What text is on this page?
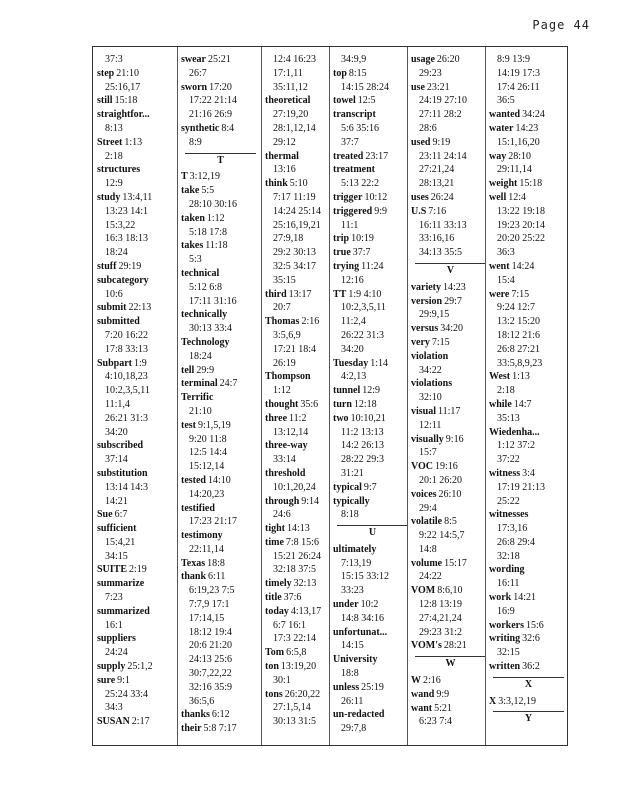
Page 44
37:3
step 21:10
25:16,17
still 15:18
straightfor...
8:13
Street 1:13
2:18
structures
12:9
study 13:4,11
13:23 14:1
15:3,22
16:3 18:13
18:24
stuff 29:19
subcategory
10:6
submit 22:13
submitted
7:20 16:22
17:8 33:13
Subpart 1:9
4:10,18,23
10:2,3,5,11
11:1,4
26:21 31:3
34:20
subscribed
37:14
substitution
13:14 14:3
14:21
Sue 6:7
sufficient
15:4,21
34:15
SUITE 2:19
summarize
7:23
summarized
16:1
suppliers
24:24
supply 25:1,2
sure 9:1
25:24 33:4
34:3
SUSAN 2:17
swear 25:21
26:7
sworn 17:20
17:22 21:14
21:16 26:9
synthetic 8:4
8:9
T
T 3:12,19
take 5:5
28:10 30:16
taken 1:12
5:18 17:8
takes 11:18
5:3
technical
5:12 6:8
17:11 31:16
technically
30:13 33:4
Technology
18:24
tell 29:9
terminal 24:7
Terrific
21:10
test 9:1,5,19
9:20 11:8
12:5 14:4
15:12,14
tested 14:10
14:20,23
testified
17:23 21:17
testimony
22:11,14
Texas 18:8
thank 6:11
6:19,23 7:5
7:7,9 17:1
17:14,15
18:12 19:4
20:6 21:20
24:13 25:6
30:7,22,22
32:16 35:9
36:5,6
thanks 6:12
their 5:8 7:17
12:4 16:23
17:1,11
35:11,12
theoretical
27:19,20
28:1,12,14
29:12
thermal
13:16
think 5:10
7:17 11:19
14:24 25:14
25:16,19,21
27:9,18
29:2 30:13
32:5 34:17
35:15
third 13:17
20:7
Thomas 2:16
3:5,6,9
17:21 18:4
26:19
Thompson
1:12
thought 35:6
three 11:2
13:12,14
three-way
33:14
threshold
10:1,20,24
through 9:14
24:6
tight 14:13
time 7:8 15:6
15:21 26:24
32:18 37:5
timely 32:13
title 37:6
today 4:13,17
6:7 16:1
17:3 22:14
Tom 6:5,8
ton 13:19,20
30:1
tons 26:20,22
27:1,5,14
30:13 31:5
34:9,9
top 8:15
14:15 28:24
towel 12:5
transcript
5:6 35:16
37:7
treated 23:17
treatment
5:13 22:2
trigger 10:12
triggered 9:9
11:1
trip 10:19
true 37:7
trying 11:24
12:16
TT 1:9 4:10
10:2,3,5,11
11:2,4
26:22 31:3
34:20
Tuesday 1:14
4:2,13
tunnel 12:9
turn 12:18
two 10:10,21
11:2 13:13
14:2 26:13
28:22 29:3
31:21
typical 9:7
typically
8:18
U
ultimately
7:13,19
15:15 33:12
33:23
under 10:2
14:8 34:16
unfortunat...
14:15
University
18:8
unless 25:19
26:11
un-redacted
29:7,8
usage 26:20
29:23
use 23:21
24:19 27:10
27:11 28:2
28:6
used 9:19
23:11 24:14
27:21,24
28:13,21
uses 26:24
U.S 7:16
16:11 33:13
33:16,16
34:13 35:5
V
variety 14:23
version 29:7
29:9,15
versus 34:20
very 7:15
violation
34:22
violations
32:10
visual 11:17
12:11
visually 9:16
15:7
VOC 19:16
20:1 26:20
voices 26:10
29:4
volatile 8:5
9:22 14:5,7
14:8
volume 15:17
24:22
VOM 8:6,10
12:8 13:19
27:4,21,24
29:23 31:2
VOM's 28:21
W
W 2:16
wand 9:9
want 5:21
6:23 7:4
8:9 13:9
14:19 17:3
17:4 26:11
36:5
wanted 34:24
water 14:23
15:1,16,20
way 28:10
29:11,14
weight 15:18
well 12:4
13:22 19:18
19:23 20:14
20:20 25:22
36:3
went 14:24
15:4
were 7:15
9:24 12:7
13:2 15:20
18:12 21:6
26:8 27:21
33:5,8,9,23
West 1:13
2:18
while 14:7
35:13
Wiedenha...
1:12 37:2
37:22
witness 3:4
17:19 21:13
25:22
witnesses
17:3,16
26:8 29:4
32:18
wording
16:11
work 14:21
16:9
workers 15:6
writing 32:6
32:15
written 36:2
X
X 3:3,12,19
Y
